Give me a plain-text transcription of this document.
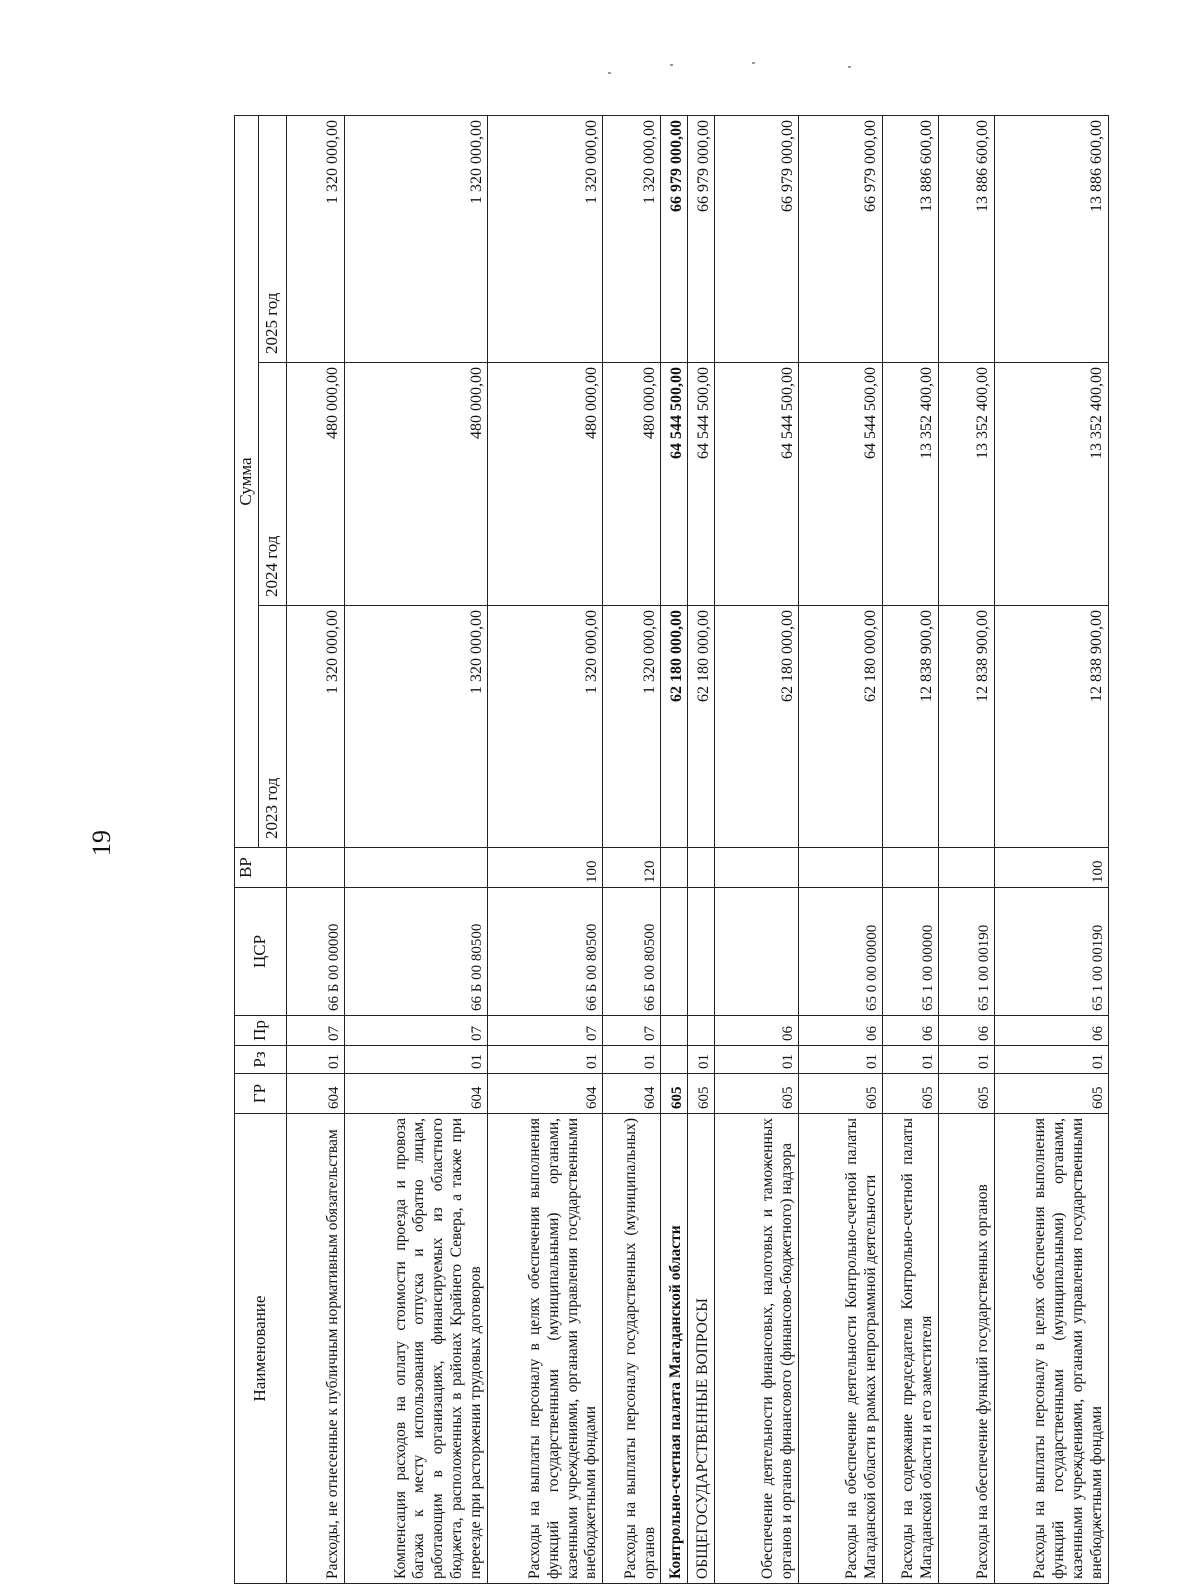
19
Наименование	ГР	Рз	Пр	ЦСР	ВР	Сумма		
						2023 год	2024 год	2025 год
Расходы, не отнесенные к публичным нормативным обязательствам	604	01	07	66 Б 00 00000		1 320 000,00	480 000,00	1 320 000,00
Компенсация расходов на оплату стоимости проезда и провоза багажа к месту использования отпуска и обратно лицам, работающим в организациях, финансируемых из областного бюджета, расположенных в районах Крайнего Севера, а также при переезде при расторжении трудовых договоров	604	01	07	66 Б 00 80500		1 320 000,00	480 000,00	1 320 000,00
Расходы на выплаты персоналу в целях обеспечения выполнения функций государственными (муниципальными) органами, казенными учреждениями, органами управления государственными внебюджетными фондами	604	01	07	66 Б 00 80500	100	1 320 000,00	480 000,00	1 320 000,00
Расходы на выплаты персоналу государственных (муниципальных) органов	604	01	07	66 Б 00 80500	120	1 320 000,00	480 000,00	1 320 000,00
Контрольно-счетная палата Магаданской области	605					62 180 000,00	64 544 500,00	66 979 000,00
ОБЩЕГОСУДАРСТВЕННЫЕ ВОПРОСЫ	605	01				62 180 000,00	64 544 500,00	66 979 000,00
Обеспечение деятельности финансовых, налоговых и таможенных органов и органов финансового (финансово-бюджетного) надзора	605	01	06			62 180 000,00	64 544 500,00	66 979 000,00
Расходы на обеспечение деятельности Контрольно-счетной палаты Магаданской области в рамках непрограммной деятельности	605	01	06	65 0 00 00000		62 180 000,00	64 544 500,00	66 979 000,00
Расходы на содержание председателя Контрольно-счетной палаты Магаданской области и его заместителя	605	01	06	65 1 00 00000		12 838 900,00	13 352 400,00	13 886 600,00
Расходы на обеспечение функций государственных органов	605	01	06	65 1 00 00190		12 838 900,00	13 352 400,00	13 886 600,00
Расходы на выплаты персоналу в целях обеспечения выполнения функций государственными (муниципальными) органами, казенными учреждениями, органами управления государственными внебюджетными фондами	605	01	06	65 1 00 00190	100	12 838 900,00	13 352 400,00	13 886 600,00
